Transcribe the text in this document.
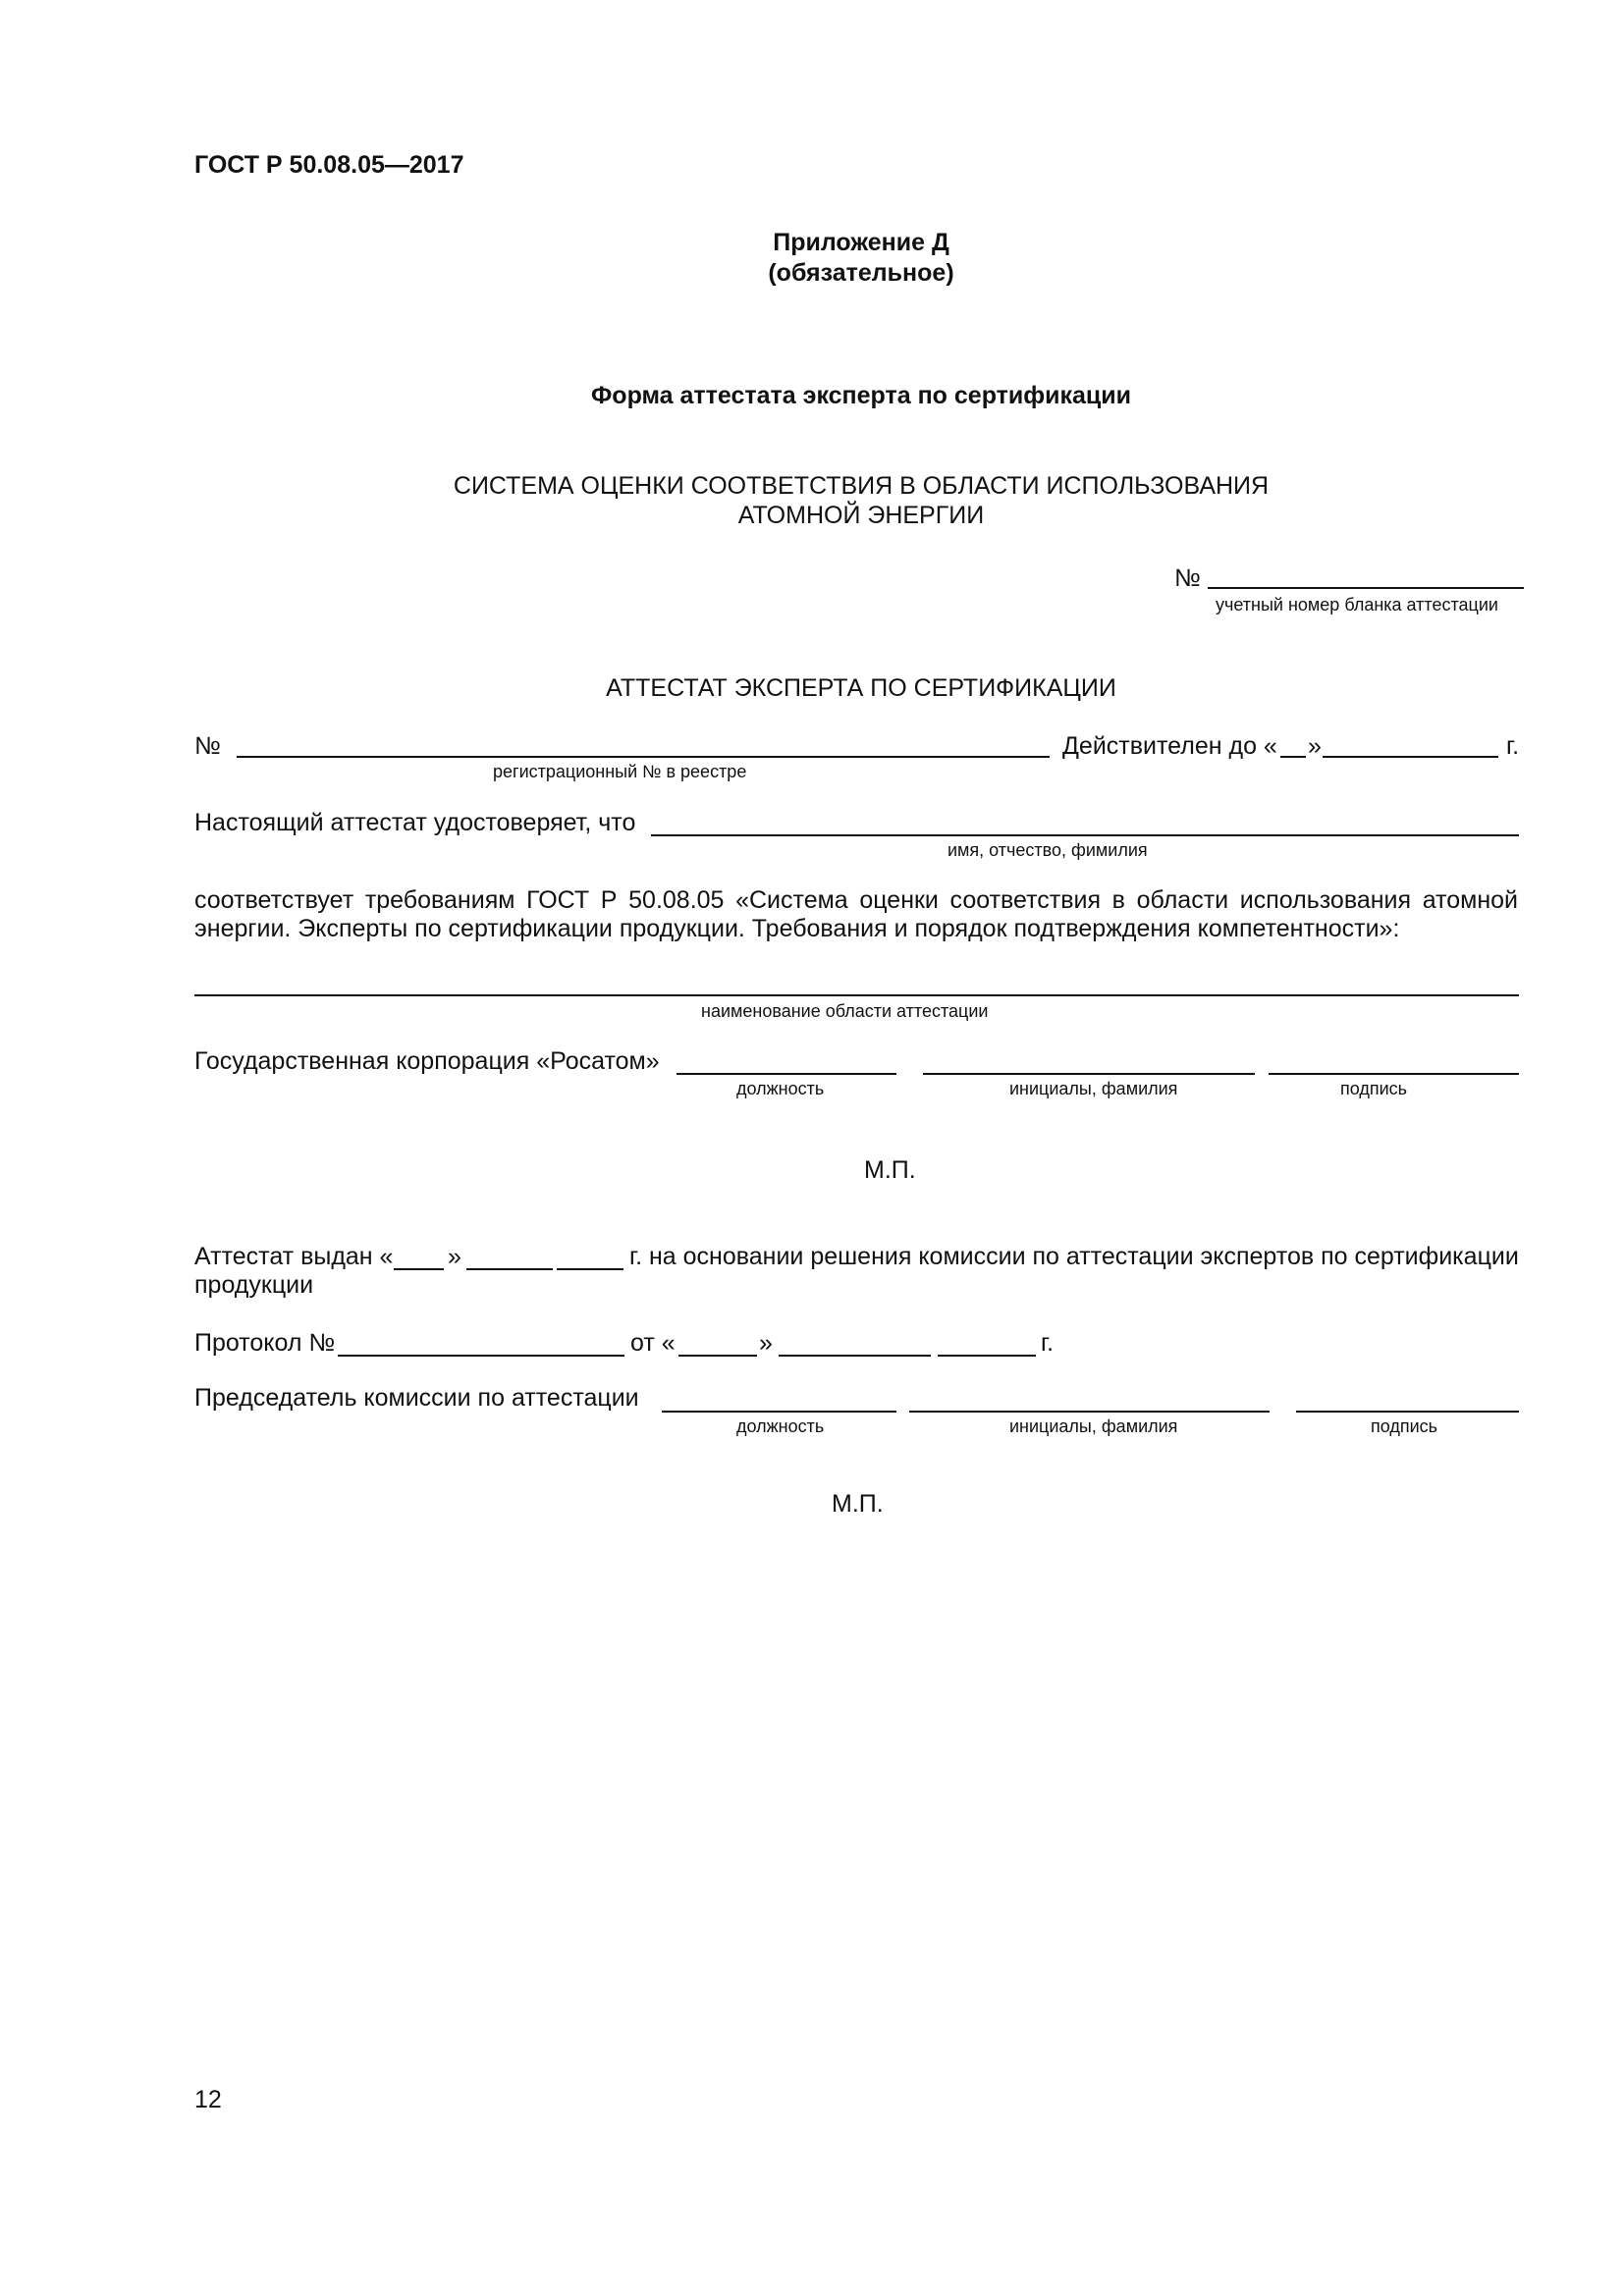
ГОСТ Р 50.08.05—2017
Приложение Д
(обязательное)
Форма аттестата эксперта по сертификации
СИСТЕМА ОЦЕНКИ СООТВЕТСТВИЯ В ОБЛАСТИ ИСПОЛЬЗОВАНИЯ
АТОМНОЙ ЭНЕРГИИ
№
учетный номер бланка аттестации
АТТЕСТАТ ЭКСПЕРТА ПО СЕРТИФИКАЦИИ
№
регистрационный № в реестре
Действителен до « »	г.
Настоящий аттестат удостоверяет, что
имя, отчество, фимилия
соответствует требованиям ГОСТ Р 50.08.05 «Система оценки соответствия в области использования атомной энергии. Эксперты по сертификации продукции. Требования и порядок подтверждения компетентности»:
наименование области аттестации
Государственная корпорация «Росатом»
должность	инициалы, фамилия	подпись
М.П.
Аттестат выдан « »	г. на основании решения комиссии по аттестации экспертов по сертификации
продукции
Протокол №	от «	»	г.
Председатель комиссии по аттестации
должность	инициалы, фамилия	подпись
М.П.
12
